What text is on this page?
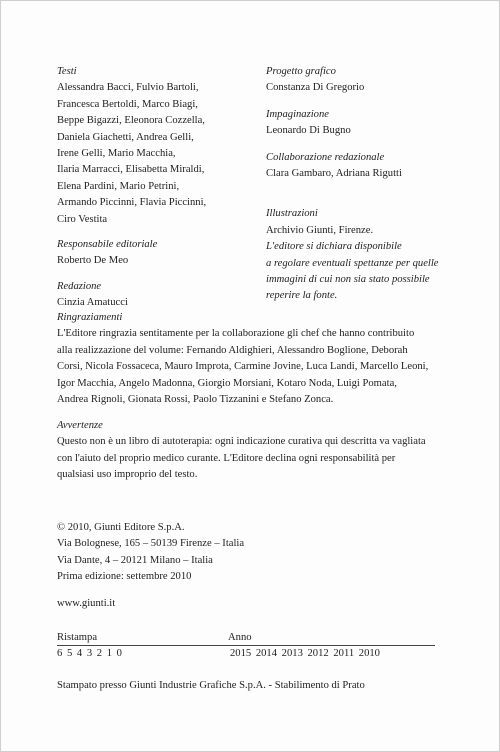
Testi
Alessandra Bacci, Fulvio Bartoli,
Francesca Bertoldi, Marco Biagi,
Beppe Bigazzi, Eleonora Cozzella,
Daniela Giachetti, Andrea Gelli,
Irene Gelli, Mario Macchia,
Ilaria Marracci, Elisabetta Miraldi,
Elena Pardini, Mario Petrini,
Armando Piccinni, Flavia Piccinni,
Ciro Vestita
Responsabile editoriale
Roberto De Meo
Redazione
Cinzia Amatucci
Progetto grafico
Constanza Di Gregorio
Impaginazione
Leonardo Di Bugno
Collaborazione redazionale
Clara Gambaro, Adriana Rigutti
Illustrazioni
Archivio Giunti, Firenze.
L'editore si dichiara disponibile
a regolare eventuali spettanze per quelle
immagini di cui non sia stato possibile
reperire la fonte.
Ringraziamenti
L'Editore ringrazia sentitamente per la collaborazione gli chef che hanno contribuito
alla realizzazione del volume: Fernando Aldighieri, Alessandro Boglione, Deborah
Corsi, Nicola Fossaceca, Mauro Improta, Carmine Jovine, Luca Landi, Marcello Leoni,
Igor Macchia, Angelo Madonna, Giorgio Morsiani, Kotaro Noda, Luigi Pomata,
Andrea Rignoli, Gionata Rossi, Paolo Tizzanini e Stefano Zonca.
Avvertenze
Questo non è un libro di autoterapia: ogni indicazione curativa qui descritta va vagliata
con l'aiuto del proprio medico curante. L'Editore declina ogni responsabilità per
qualsiasi uso improprio del testo.
© 2010, Giunti Editore S.p.A.
Via Bolognese, 165 – 50139 Firenze – Italia
Via Dante, 4 – 20121 Milano – Italia
Prima edizione: settembre 2010
www.giunti.it
Ristampa	Anno
6 5 4 3 2 1 0	2015 2014 2013 2012 2011 2010
Stampato presso Giunti Industrie Grafiche S.p.A. - Stabilimento di Prato
